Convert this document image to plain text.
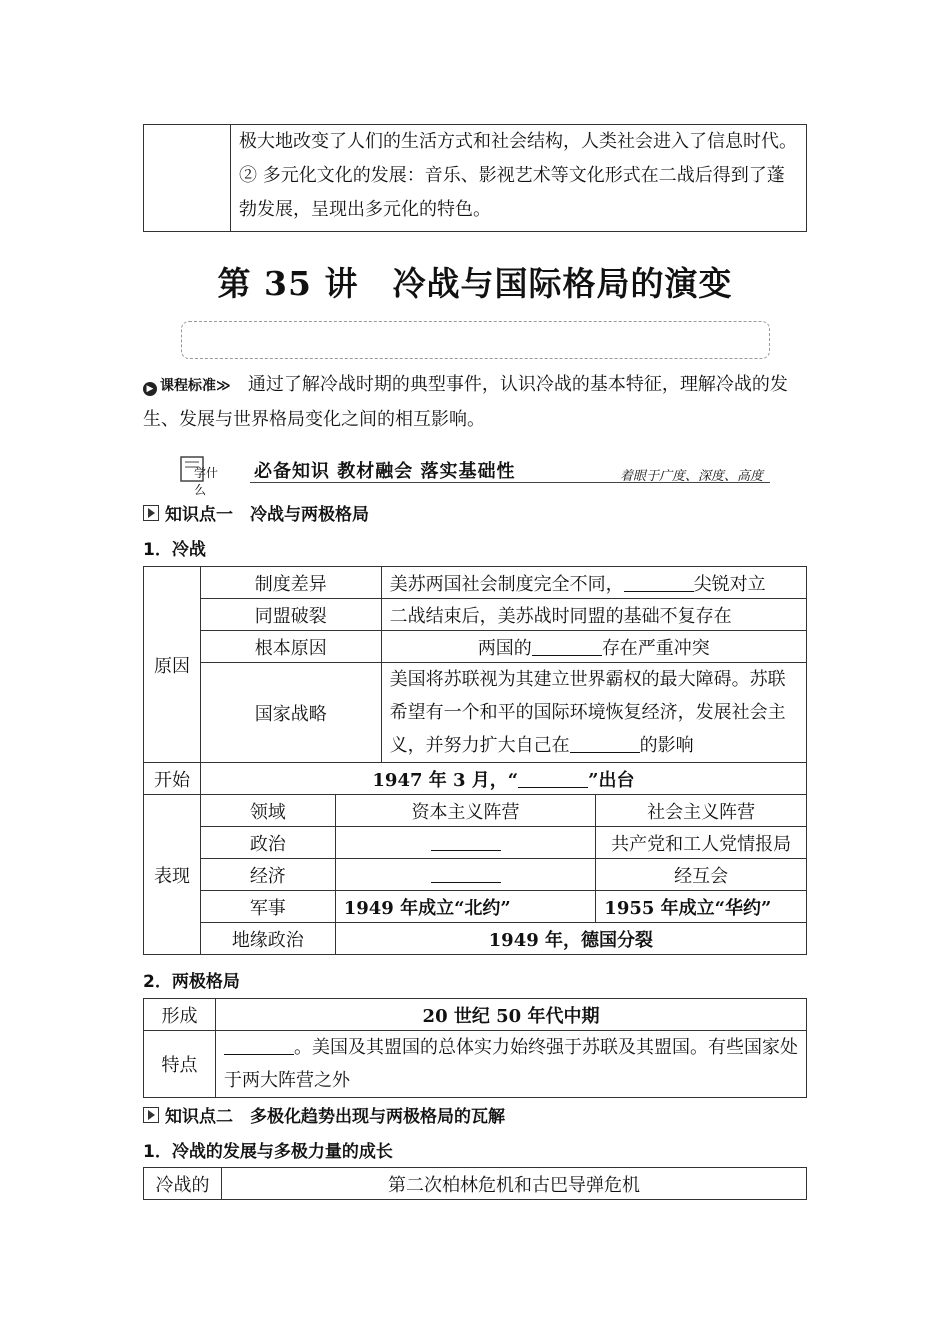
极大地改变了人们的生活方式和社会结构，人类社会进入了信息时代。
② 多元化文化的发展：音乐、影视艺术等文化形式在二战后得到了蓬勃发展，呈现出多元化的特色。
第 35 讲　冷战与国际格局的演变
▶ 课程标准≫ 通过了解冷战时期的典型事件，认识冷战的基本特征，理解冷战的发生、发展与世界格局变化之间的相互影响。
学什么
必备知识 教材融会 落实基础性	着眼于广度、深度、高度
知识点一　冷战与两极格局
1．冷战
原因	制度差异		美苏两国社会制度完全不同， 尖锐对立	
	同盟破裂		二战结束后，美苏战时同盟的基础不复存在	
	根本原因		两国的 存在严重冲突	
	国家战略		美国将苏联视为其建立世界霸权的最大障碍。苏联希望有一个和平的国际环境恢复经济，发展社会主义，并努力扩大自己在 的影响	
开始	1947 年 3 月，“ ”出台			
表现	领域	资本主义阵营		社会主义阵营
	政治			共产党和工人党情报局
	经济			经互会
	军事	1949 年成立“北约”		1955 年成立“华约”
	地缘政治	1949 年，德国分裂		
2．两极格局
形成	20 世纪 50 年代中期
特点	。美国及其盟国的总体实力始终强于苏联及其盟国。有些国家处于两大阵营之外
知识点二　多极化趋势出现与两极格局的瓦解
1．冷战的发展与多极力量的成长
冷战的	第二次柏林危机和古巴导弹危机
